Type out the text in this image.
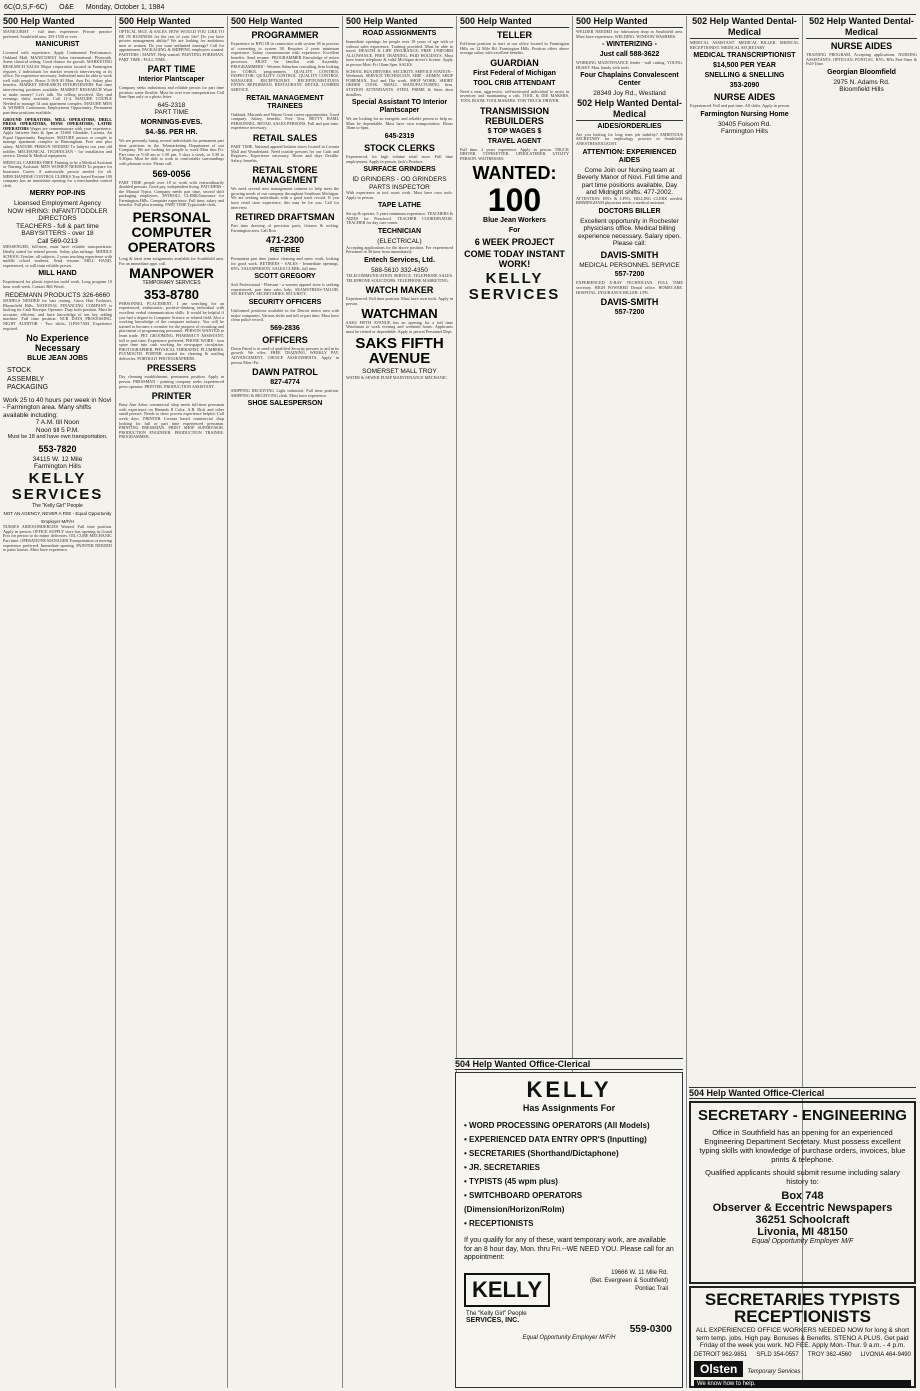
6C(O,S,F-6C) O&E Monday, October 1, 1984
500 Help Wanted
MANICURIST - full time, experience. Private practice preferred. Southfield area. 355-1550 or eves.
MANICURIST
Licensed with experience. Apply Continental Performance, Oakland Mall. MANICURIST Salon international, Plymouth. Some classical setting. Good chance for growth. MARKETING RESEARCH SALES Major corporation located in Farmington requires 2 individuals for market research interviewing at its office. No experience necessary. Individual must be able to work well with people. Hours 5:30-9:30 Mon. thru Fri. Salary plus benefits. MARKET RESEARCH INTERVIEWERS Part time interviewing positions available. MARKET RESEARCH Want to make money? Let's talk. No selling involved. Day and evenings shifts available. Call 11-4. MATURE COUPLE Needed to manage 14 unit apartment complex. MATURE MEN & WOMEN Continuous Employment Opportunity. Permanent part-time positions available.
GROUND OPERATORS, MILL OPERATORS, DRILL PRESS OPERATORS, HONE OPERATORS, LATHE OPERATORS Wages are commensurate with your experience. Apply between 8am & 3pm at 31660 Glendale, Livonia. An Equal Opportunity Employer. MATURE person or couple to manage apartment complex in Birmingham. Free rent plus salary. MATURE PERSON NEEDED To babysit our year old toddler. MECHANICAL TECHNICIAN - for installation and service. Dental & Medical equipment.
MEDICAL CAREERS FREE Training to be a Medical Assistant or Nursing Assistant. MEN WOMEN NEEDED To prepare for Insurance Career. A nationwide person needed for all. MERCHANDISE CONTROL CLERKS Troy based Fortune 100 company has an immediate opening for a merchandise control clerk.
MERRY POP-INS
Licensed Employment Agency
NOW HIRING: INFANT/TODDLER DIRECTORS
TEACHERS - full & part time
BABYSITTERS - over 18
Call 569-0213
MESSENGER, full-time, must have reliable transportation. Ideally suited for retired person. Salary plus mileage. MIDDLE SCHOOL Teacher, all subjects, 2 years teaching experience with middle school students. Send resume. MILL HAND, experienced, or will train reliable person.
MILL HAND
Experienced for plastic injection mold work. Long program 10 hour work week. Contact Bill Wood.
REDEMANN PRODUCTS 326-6660
MODELS NEEDED for hair cutting. Gross Hair Fashions, Bloomfield Hills. NATIONAL FINANCING COMPANY is looking for Cash Receipts Operator. Duty both position. Must be accurate, efficient, and have knowledge of ten key adding machine. Full time position. NCR DATA PROCESSING. NIGHT AUDITOR - Two shifts, 11PM-7AM. Experience required.
No Experience Necessary
BLUE JEAN JOBS
STOCK
ASSEMBLY
PACKAGING
Work 25 to 40 hours per week in Novi - Farmington area. Many shifts available including:
7 A.M. till Noon
Noon till 5 P.M.
Must be 18 and have own transportation.
553-7820
34115 W. 12 Mile
Farmington Hills
KELLY SERVICES
The "Kelly Girl" People
NOT AN AGENCY, NEVER A FEE - Equal Opportunity Employer M/F/H
NURSES AIDES/ORDERLIES Wanted. Full time position. Apply in person. OFFICE SUPPLY store has opening in Grand Prix for person to do minor deliveries. OIL CUBE MECHANIC Part time. OPERATIONS MANAGER Transportation or moving experience preferred. Immediate opening. PAINTER NEEDED to paint houses. Must have experience.
500 Help Wanted
OPTICAL MGT. & SALES. HOW WOULD YOU LIKE TO BE IN BUSINESS for the rest of your life? Do you have proven management ability? We are looking for ambitious men or women. Do you want unlimited earnings? Call for appointment. PACKAGING & SHIPPING employees wanted. PAINTERS / MAINT. Help wanted. PAINTING FOREMAN. PART TIME / FULL TIME.
PART TIME
Interior Plantscaper
Company seeks industrious and reliable person for part time position, some flexible. Must be over own transportation. Call 8am-9pm only or a photo letter.
645-2318
PART TIME
MORNINGS-EVES.
$4.-$6. PER HR.
We are presently hiring several individuals for permanent part time positions in the Telemarketing Department of our Company. We are looking for people to work Mon thru Fri. Part time or 9:30 am to 1:30 pm, 5 days a week, or 5:30 to 9:30pm. Must be able to work in comfortable surroundings with pleasant voice. Please call.
569-0056
PART TIME people over 18 to work with extraordinarily disabled persons. Good pay, independent living. PATCHERS - the Manual Typist. Company needs part time, second shift packaging employees. PAYROLL CLERK/Insurance for Farmington Hills. Computer experience. Full time, salary and benefits. Full plus training. PART TIME Typist/aide clerk.
PERSONAL COMPUTER OPERATORS
Long & short term assignments available for Southfield area. For an immediate appt. call.
MANPOWER
TEMPORARY SERVICES
353-8780
PERSONNEL PLACEMENT. I am searching for an experienced, enthusiastic, positive-thinking individual with excellent verbal communication skills. It would be helpful if you had a degree in Computer Science or related field. Also a working knowledge of the computer industry. You will be trained to become a recruiter for the purpose of recruiting and placement of programming personnel. PERSON WANTED to learn trade. PET GROOMING. PHARMACY ASSISTANT, full or part time. Experience preferred. PHONE WORK - turn spare time into cash working for newspaper circulation. PHOTOGRAPHER. PHYSICAL THERAPIST. PLUMBERS. PLYMOUTH. PORTER wanted for cleaning & mailing deliveries. PORTRAIT PHOTOGRAPHERS.
PRESSERS
Dry cleaning establishment, permanent position. Apply in person. PRESSMAN - printing company seeks experienced press operator. PRINTER. PRODUCTION ASSISTANT.
PRINTER
Busy Ann Arbor commercial shop needs full-time pressman with experience on Hamada II Color, A.B. Dick and other small presses. Needs to show proven experience helpful. Call week days. PRINTER Livonia based commercial shop looking for full or part time experienced pressman. PRINTING PRESSMAN. PRINT SHOP SUPERVISOR. PRODUCTION ENGINEER. PRODUCTION TRAINEE. PROGRAMMER.
500 Help Wanted
PROGRAMMER
Experience in RPG III in connection with system 38 in process of converting to system 38. Requires 2 years minimum experience. Salary commensurate with experience. Excellent benefits. Send resume. PROGRAMMER Knowledge of micro processor. MUST be familiar with Assembly. PROGRAMMERS - Western Suburban consulting firm looking for COBOL programmers. QUALITY CONTROL INSPECTOR. QUALITY CONTROL. QUALITY CONTROL MANAGER. RECEPTIONIST. RECEPTIONIST/DATA ENTRY. REPAIRMAN. RESTAURANT. RETAIL LUMBER SERVICE.
RETAIL MANAGEMENT TRAINEES
Oakland, Macomb and Wayne Great career opportunities. Good company. Salary, benefits. Free Text. BETTY HAML PERSONNEL. RETAIL SALES PERSONS. Full and part time, experience necessary.
RETAIL SALES
PART TIME. National apparel/fashion stores located in Livonia Mall and Wonderland. Need outside persons for our Cash and Registers. Experience necessary. Hours and days flexible. Salary, benefits.
RETAIL STORE MANAGEMENT
We need several new management trainees to help meet the growing needs of our company throughout Southeast Michigan. We are seeking individuals with a good track record. If you have retail store experience, this may be for you. Call for interview.
RETIRED DRAFTSMAN
Part time drawing of precision parts, fixtures & tooling. Farmington area. Call Ron
471-2300
RETIREE
Permanent part time janitor cleaning and snow work, looking for good work. RETIREES - SALES - Immediate openings. RN's. SALESPERSON. SALES CLERK, full time.
SCOTT GREGORY
Soft Professional - Pleasant - a women apparel store is seeking experienced, part time sales help. SEAMSTRESS-TAILOR. SECRETARY. SECRETARIES. SECURITY.
SECURITY OFFICERS
Uniformed positions available in the Detroit metro area with major companies. Various shifts and full or part time. Must have clean police record.
569-2836
OFFICERS
Dawn Patrol is in need of qualified Security persons to aid in its growth. We offer: FREE TRAINING, WEEKLY PAY, ADVANCEMENT, CHOICE ASSIGNMENTS. Apply in person Mon.-Fri.
DAWN PATROL
827-4774
SHIPPING RECEIVING Light industrial. Full time position. SHIPPING & RECEIVING clerk. Must have experience.
SHOE SALESPERSON
500 Help Wanted
ROAD ASSIGNMENTS
Immediate openings for people over 18 years of age with or without sales experience. Training provided. Must be able to travel. HEALTH & LIFE INSURANCE, FREE UNIFORM ALLOWANCE, FREE TRAINING, PAID HOLIDAYS. Must have home telephone & valid Michigan driver's license. Apply in person Mon.-Fri 10am-3pm. SALES.
SCHOOL BUS DRIVERS. SECURITY. SERVICE STATION - Weekends. SERVICE TECHNICIAN. SHIP - ADMIN. SHOP FOREMAN. Tool and Die work. SHOP WORK. SHORT ORDER COOK. SMALL MANUFACTURING firm. STATION ATTENDANTS. STEEL PRIME & Stern door installers.
Special Assistant TO Interior Plantscaper
We are looking for an energetic and reliable person to help us. Must be dependable. Must have own transportation. Hours 10am to 6pm.
645-2319
STOCK CLERKS
Experienced, for high volume retail store. Full time employment. Apply in person. Jack's Produce.
SURFACE GRINDERS
ID GRINDERS - OD GRINDERS
PARTS INSPECTOR
With experience in tool room work. Must have own tools. Apply in person.
TAPE LATHE
Set up & operate, 5 years minimum experience. TEACHERS & AIDES for Preschool. TEACHER COORDINATOR. TEACHER for day care center.
TECHNICIAN
(ELECTRICAL)
Accepting applications for the above position. For experienced Personnel in 30 time from immediately.
Entech Services, Ltd.
588-5610 332-4350
TELECOMMUNICATION SERVICE. TELEPHONE SALES. TELEPHONE SOLICITORS. TELEPHONE MARKETING.
WATCH MAKER
Experienced. Full time position. Must have own tools. Apply in person.
WATCHMAN
SAKS FIFTH AVENUE has an opening for a full time Watchman to work evening and weekend hours. Applicants must be retired or dependable. Apply in person Personnel Dept.
SAKS FIFTH AVENUE
SOMERSET MALL TROY
WATER & SEWER PUMP MAINTENANCE MECHANIC.
500 Help Wanted
TELLER
Full-time position to start at our office located in Farmington Hills on 12 Mile Rd. Farmington Hills. Position offers above average salary with excellent benefits.
GUARDIAN
First Federal of Michigan
TOOL CRIB ATTENDANT
Need a neat, aggressive, self-motivated individual to assist in inventory and maintaining a crib. TOOL & DIE MAKERS. TOOL ROOM. TOOLMAKERS. TOW TRUCK DRIVER.
TRANSMISSION REBUILDERS
$ TOP WAGES $
TRAVEL AGENT
Full time. 2 years experience. Apply in person. TRUCK DRIVER. TYPESETTER. UPHOLSTERER. UTILITY PERSON. WAITRESSES.
WANTED:
100
Blue Jean Workers
For
6 WEEK PROJECT
COME TODAY INSTANT WORK!
KELLY SERVICES
500 Help Wanted
WELDER NEEDED for fabrication shop in Southfield area. Must have experience. WELDING. WINDOW WASHERS.
- WINTERIZING -
Just call 588-3622
WORKING MAINTENANCE leader - wall cutting. YOUNG, HUSKY Man, handy with tools.
Four Chaplains Convalescent Center
28349 Joy Rd., Westland
502 Help Wanted Dental-Medical
AIDES/ORDERLIES
Are you looking for long term job stability? AMBITIOUS SECRETARY for nephrology practice in Southfield. ANESTHESIOLOGIST.
ATTENTION: EXPERIENCED AIDES
Come Join our Nursing team at Beverly Manor of Novi. Full time and part time positions available, Day and Midnight shifts. 477-2002.
ATTENTION: RN's & LPN's. BILLING CLERK needed. BIRMINGHAM physician needs a medical assistant.
DOCTORS BILLER
Excellent opportunity in Rochester physicians office. Medical billing experience necessary. Salary open. Please call:
DAVIS-SMITH
MEDICAL PERSONNEL SERVICE
557-7200
EXPERIENCED X-RAY TECHNICIAN. FULL TIME secretary. HIGH POWERED Dental office. HOMECARE. HOSPITAL. INSURANCE BILLER. LPN.
DAVIS-SMITH
557-7200
502 Help Wanted Dental-Medical
MEDICAL ASSISTANT. MEDICAL BILLER. MEDICAL RECEPTIONIST. MEDICAL SECRETARY.
MEDICAL TRANSCRIPTIONIST
$14,500 PER YEAR
SNELLING & SNELLING
353-2090
NURSE AIDES
Experienced. Full and part time. All shifts. Apply in person.
Farmington Nursing Home
30405 Folsom Rd.
Farmington Hills
502 Help Wanted Dental-Medical
NURSE AIDES
TRAINING PROGRAM. Accepting applications. NURSING ASSISTANTS. OPTICIAN. PONTIAC. RN's. RNs Part-Time & Full-Time.
Georgian Bloomfield
2975 N. Adams Rd.
Bloomfield Hills
504 Help Wanted Office-Clerical
504 Help Wanted Office-Clerical
KELLY
Has Assignments For
• WORD PROCESSING OPERATORS (All Models)
• EXPERIENCED DATA ENTRY OPR'S (Inputting)
• SECRETARIES (Shorthand/Dictaphone)
• JR. SECRETARIES
• TYPISTS (45 wpm plus)
• SWITCHBOARD OPERATORS (Dimension/Horizon/Rolm)
• RECEPTIONISTS
If you qualify for any of these, want temporary work, are available for an 8 hour day, Mon. thru Fri.--WE NEED YOU. Please call for an appointment:
KELLY
19666 W. 11 Mile Rd.
(Bet. Evergreen & Southfield)
Pontiac Trail
The "Kelly Girl" People
SERVICES, INC.
559-0300
Equal Opportunity Employer M/F/H
SECRETARY - ENGINEERING
Office in Southfield has an opening for an experienced Engineering Department Secretary. Must possess excellent typing skills with knowledge of purchase orders, invoices, blue prints & telephone.
Qualified applicants should submit resume including salary history to:
Box 748
Observer & Eccentric Newspapers
36251 Schoolcraft
Livonia, MI 48150
Equal Opportunity Employer M/F
SECRETARIES TYPISTS RECEPTIONISTS
ALL EXPERIENCED OFFICE WORKERS NEEDED NOW for long & short term temp. jobs. High pay. Bonuses & Benefits. STENO A PLUS. Get paid Friday of the week you work. NO FEE. Apply Mon.-Thur. 9 a.m. - 4 p.m.
DETROIT 962-9851 SFLD 354-0557 TROY 362-4560 LIVONIA 464-9490
Olsten Temporary Services
We know how to help.
